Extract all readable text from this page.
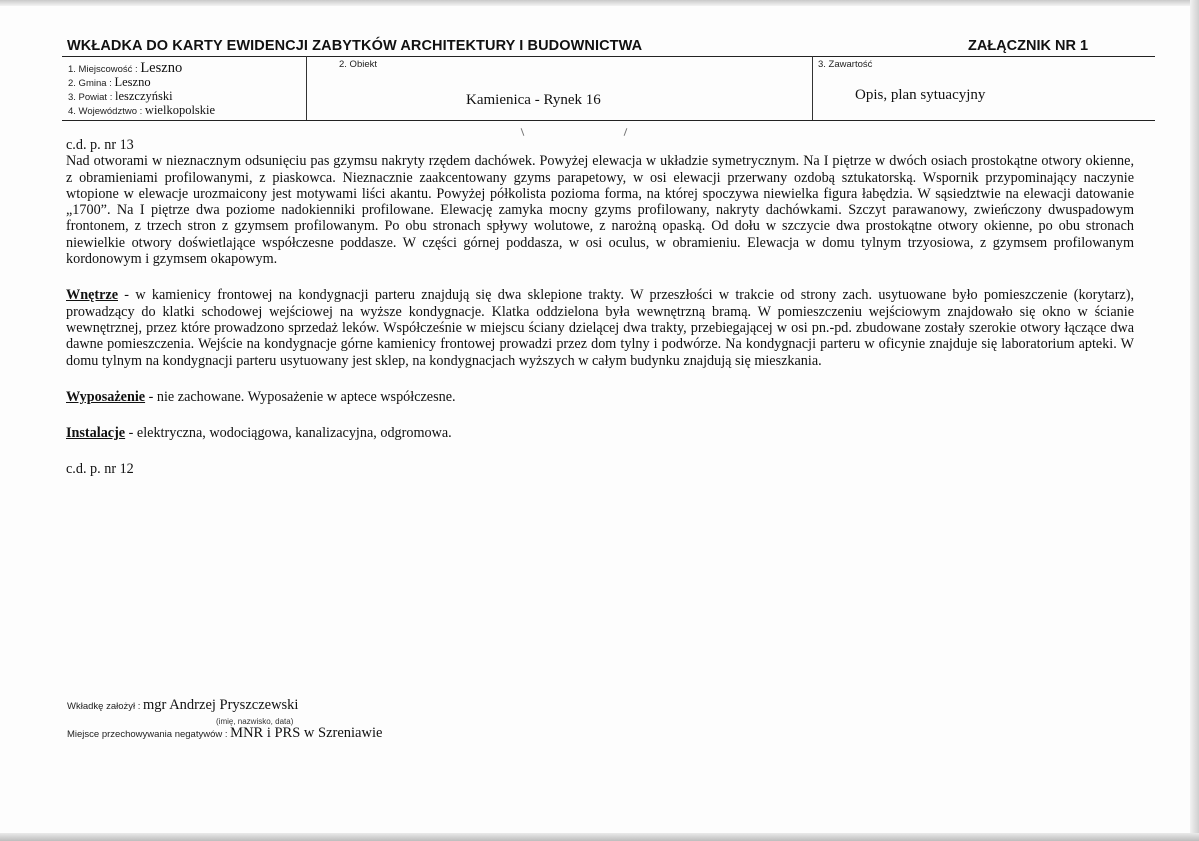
WKŁADKA DO KARTY EWIDENCJI ZABYTKÓW ARCHITEKTURY I BUDOWNICTWA	ZAŁĄCZNIK NR 1
1. Miejscowość : Leszno
2. Gmina : Leszno
3. Powiat : leszczyński
4. Województwo : wielkopolskie
2. Obiekt
Kamienica - Rynek 16
3. Zawartość
Opis, plan sytuacyjny

c.d. p. nr 13

Nad otworami w nieznacznym odsunięciu pas gzymsu nakryty rzędem dachówek. Powyżej elewacja w układzie symetrycznym. Na I piętrze w dwóch osiach prostokątne otwory okienne, z obramieniami profilowanymi, z piaskowca. Nieznacznie zaakcentowany gzyms parapetowy, w osi elewacji przerwany ozdobą sztukatorską. Wspornik przypominający naczynie wtopione w elewacje urozmaicony jest motywami liści akantu. Powyżej półkolista pozioma forma, na której spoczywa niewielka figura łabędzia. W sąsiedztwie na elewacji datowanie „1700”. Na I piętrze dwa poziome nadokienniki profilowane. Elewację zamyka mocny gzyms profilowany, nakryty dachówkami. Szczyt parawanowy, zwieńczony dwuspadowym frontonem, z trzech stron z gzymsem profilowanym. Po obu stronach spływy wolutowe, z narożną opaską. Od dołu w szczycie dwa prostokątne otwory okienne, po obu stronach niewielkie otwory doświetlające współczesne poddasze. W części górnej poddasza, w osi oculus, w obramieniu. Elewacja w domu tylnym trzyosiowa, z gzymsem profilowanym kordonowym i gzymsem okapowym.

Wnętrze - w kamienicy frontowej na kondygnacji parteru znajdują się dwa sklepione trakty. W przeszłości w trakcie od strony zach. usytuowane było pomieszczenie (korytarz), prowadzący do klatki schodowej wejściowej na wyższe kondygnacje. Klatka oddzielona była wewnętrzną bramą. W pomieszczeniu wejściowym znajdowało się okno w ścianie wewnętrznej, przez które prowadzono sprzedaż leków. Współcześnie w miejscu ściany dzielącej dwa trakty, przebiegającej w osi pn.-pd. zbudowane zostały szerokie otwory łączące dwa dawne pomieszczenia. Wejście na kondygnacje górne kamienicy frontowej prowadzi przez dom tylny i podwórze. Na kondygnacji parteru w oficynie znajduje się laboratorium apteki. W domu tylnym na kondygnacji parteru usytuowany jest sklep, na kondygnacjach wyższych w całym budynku znajdują się mieszkania.

Wyposażenie - nie zachowane. Wyposażenie w aptece współczesne.

Instalacje - elektryczna, wodociągowa, kanalizacyjna, odgromowa.

c.d. p. nr 12

Wkładkę założył : mgr Andrzej Pryszczewski
(imię, nazwisko, data)
Miejsce przechowywania negatywów : MNR i PRS w Szreniawie
